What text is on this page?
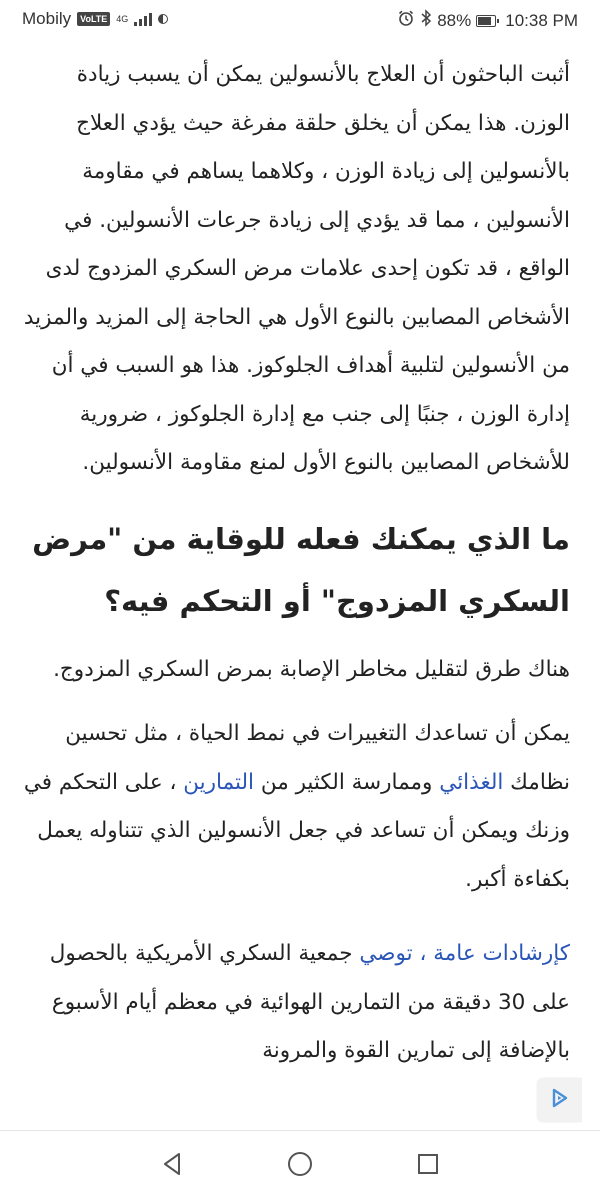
Mobily	VoLTE	4G	88% 10:38 PM

أثبت الباحثون أن العلاج بالأنسولين يمكن أن يسبب زيادة الوزن. هذا يمكن أن يخلق حلقة مفرغة حيث يؤدي العلاج بالأنسولين إلى زيادة الوزن ، وكلاهما يساهم في مقاومة الأنسولين ، مما قد يؤدي إلى زيادة جرعات الأنسولين. في الواقع ، قد تكون إحدى علامات مرض السكري المزدوج لدى الأشخاص المصابين بالنوع الأول هي الحاجة إلى المزيد والمزيد من الأنسولين لتلبية أهداف الجلوكوز. هذا هو السبب في أن إدارة الوزن ، جنبًا إلى جنب مع إدارة الجلوكوز ، ضرورية للأشخاص المصابين بالنوع الأول لمنع مقاومة الأنسولين.

ما الذي يمكنك فعله للوقاية من "مرض السكري المزدوج" أو التحكم فيه؟

هناك طرق لتقليل مخاطر الإصابة بمرض السكري المزدوج.

يمكن أن تساعدك التغييرات في نمط الحياة ، مثل تحسين نظامك الغذائي وممارسة الكثير من التمارين ، على التحكم في وزنك ويمكن أن تساعد في جعل الأنسولين الذي تتناوله يعمل بكفاءة أكبر.

كإرشادات عامة ، توصي جمعية السكري الأمريكية بالحصول على 30 دقيقة من التمارين الهوائية في معظم أيام الأسبوع بالإضافة إلى تمارين القوة والمرونة
